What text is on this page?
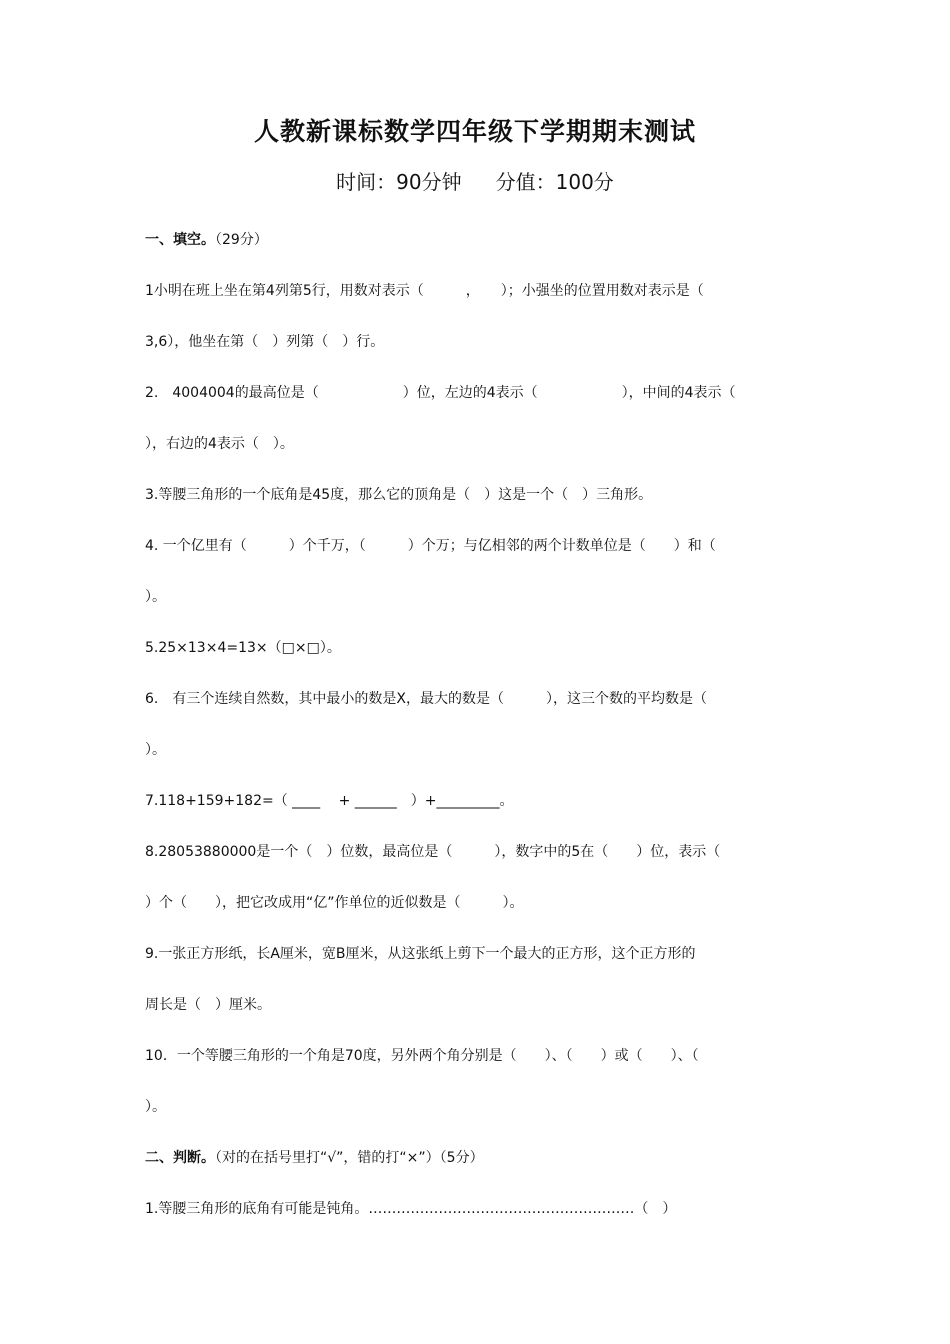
人教新课标数学四年级下学期期末测试
时间：90分钟 分值：100分
一、填空。（29分）
1小明在班上坐在第4列第5行，用数对表示（　　　，　　）；小强坐的位置用数对表示是（
3,6），他坐在第（　）列第（　）行。
2.　4004004的最高位是（　　　　　　）位，左边的4表示（　　　　　　），中间的4表示（
），右边的4表示（　）。
3.等腰三角形的一个底角是45度，那么它的顶角是（　）这是一个（　）三角形。
4. 一个亿里有（　　　）个千万，（　　　）个万；与亿相邻的两个计数单位是（　　）和（
）。
5.25×13×4=13×（□×□）。
6.　有三个连续自然数，其中最小的数是X，最大的数是（　　　），这三个数的平均数是（
）。
7.118+159+182=（ ____　 + ______　）+_________。
8.28053880000是一个（　）位数，最高位是（　　　），数字中的5在（　　）位，表示（
）个（　　），把它改成用“亿”作单位的近似数是（　　　）。
9.一张正方形纸，长A厘米，宽B厘米，从这张纸上剪下一个最大的正方形，这个正方形的
周长是（　）厘米。
10．一个等腰三角形的一个角是70度，另外两个角分别是（　　）、（　　）或（　　）、（
）。
二、判断。（对的在括号里打“√”，错的打“×”）（5分）
1.等腰三角形的底角有可能是钝角。…………………………………………………（　）
